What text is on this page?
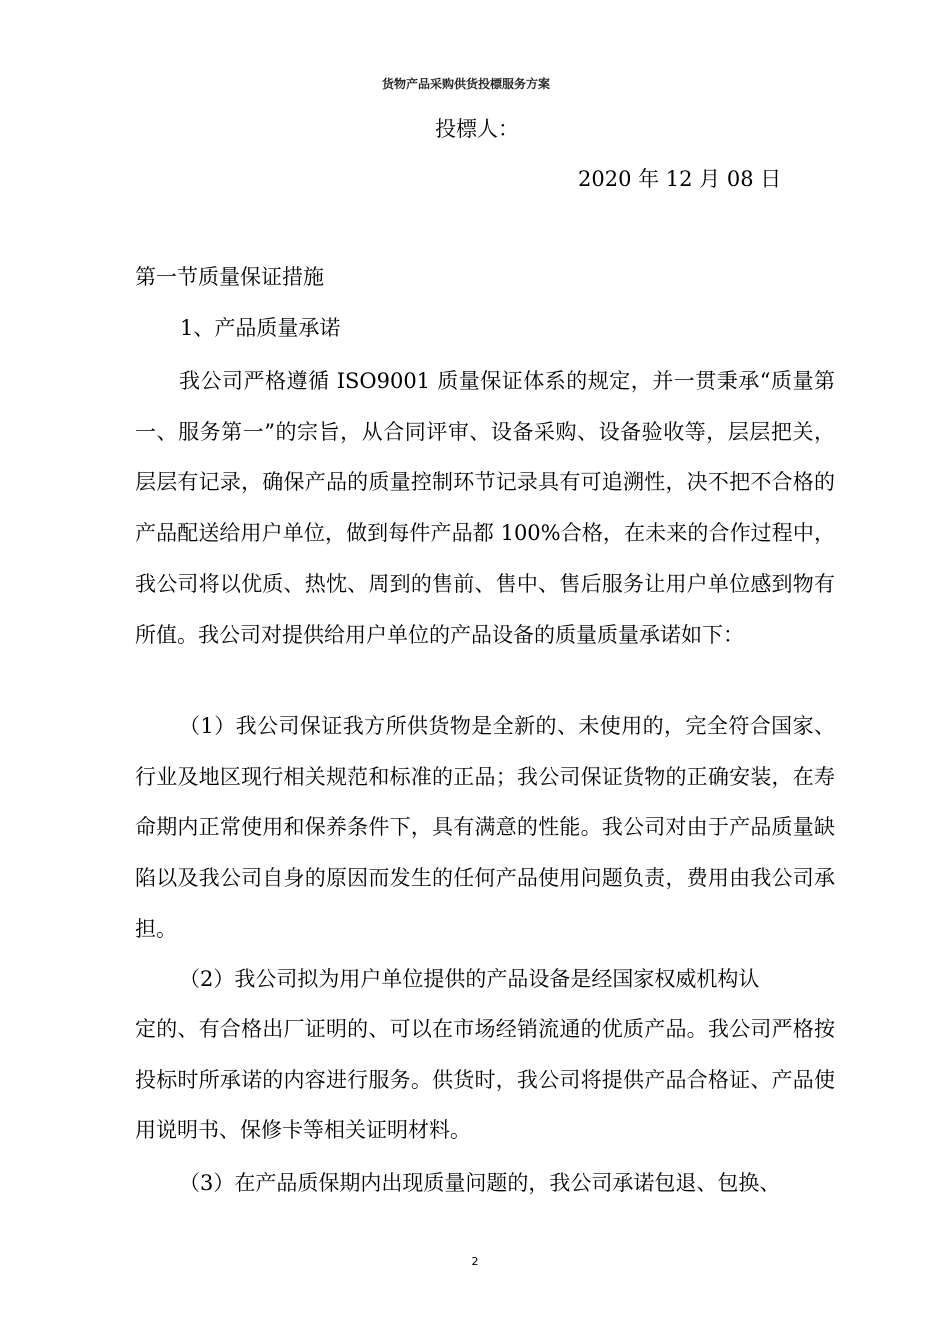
货物产品采购供货投標服务方案
投標人：
2020 年 12 月 08 日
第一节质量保证措施
1、产品质量承诺

我公司严格遵循 ISO9001 质量保证体系的规定，并一贯秉承“质量第一、服务第一”的宗旨，从合同评审、设备采购、设备验收等，层层把关，层层有记录，确保产品的质量控制环节记录具有可追溯性，决不把不合格的产品配送给用户单位，做到每件产品都 100%合格，在未来的合作过程中，我公司将以优质、热忱、周到的售前、售中、售后服务让用户单位感到物有所值。我公司对提供给用户单位的产品设备的质量质量承诺如下：

（1）我公司保证我方所供货物是全新的、未使用的，完全符合国家、行业及地区现行相关规范和标准的正品；我公司保证货物的正确安装，在寿命期内正常使用和保养条件下，具有满意的性能。我公司对由于产品质量缺陷以及我公司自身的原因而发生的任何产品使用问题负责，费用由我公司承担。

（2）我公司拟为用户单位提供的产品设备是经国家权威机构认

定的、有合格出厂证明的、可以在市场经销流通的优质产品。我公司严格按投标时所承诺的内容进行服务。供货时，我公司将提供产品合格证、产品使用说明书、保修卡等相关证明材料。

（3）在产品质保期内出现质量问题的，我公司承诺包退、包换、

2
